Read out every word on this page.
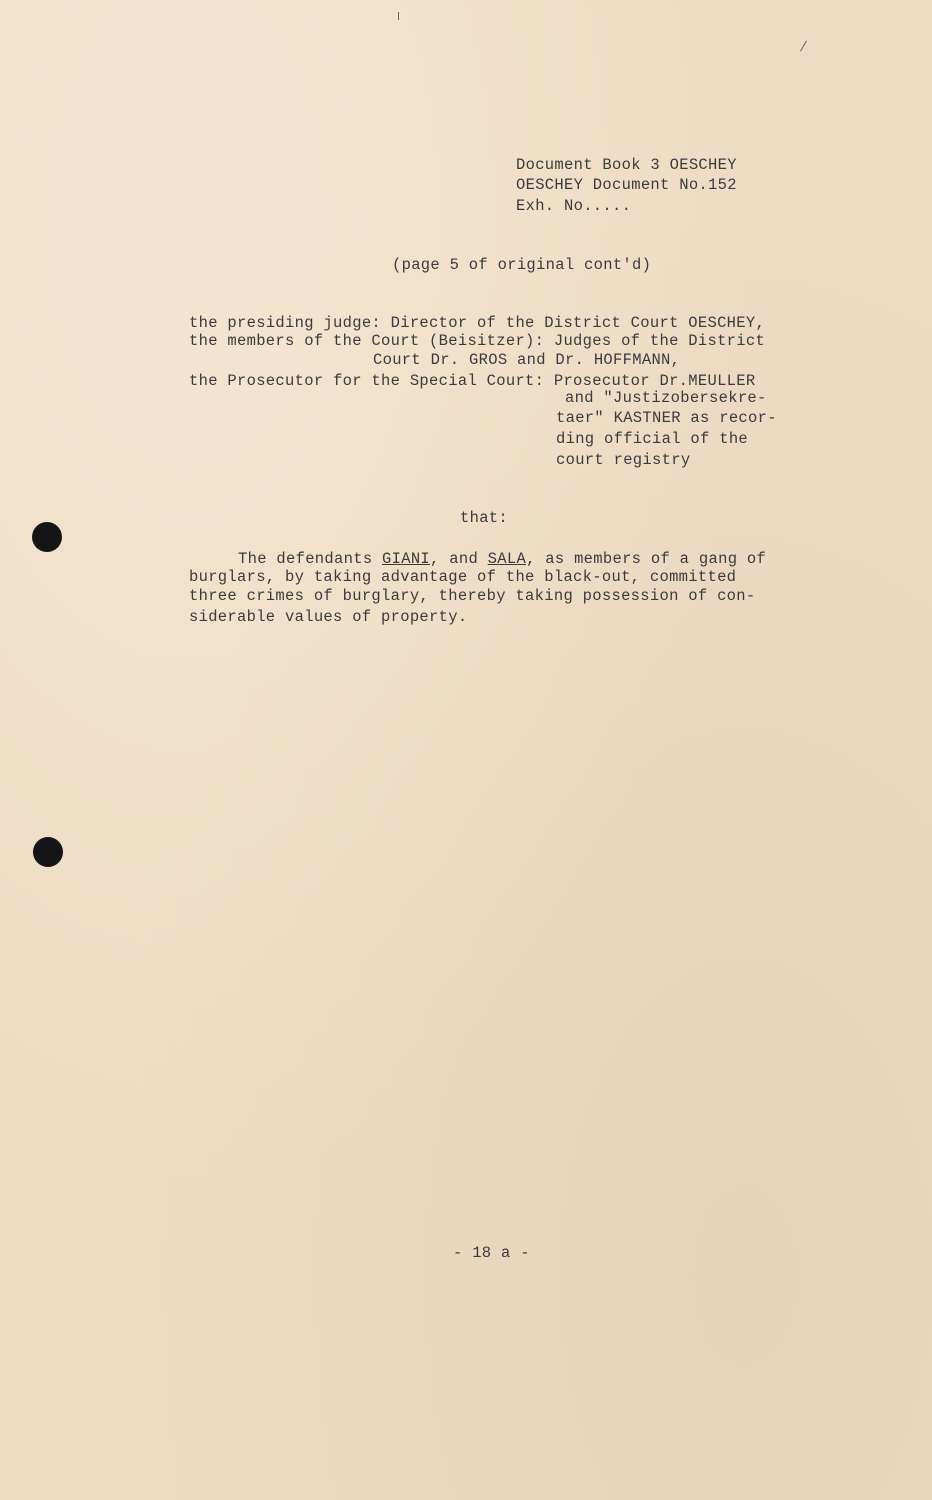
Document Book 3 OESCHEY
OESCHEY Document No.152
Exh. No.....
(page 5 of original cont'd)
the presiding judge: Director of the District Court OESCHEY,
the members of the Court (Beisitzer): Judges of the District
Court Dr. GROS and Dr. HOFFMANN,
the Prosecutor for the Special Court: Prosecutor Dr.MEULLER
and "Justizobersekre-
taer" KASTNER as recor-
ding official of the
court registry
that:
The defendants GIANI, and SALA, as members of a gang of
burglars, by taking advantage of the black-out, committed
three crimes of burglary, thereby taking possession of con-
siderable values of property.
- 18 a -
